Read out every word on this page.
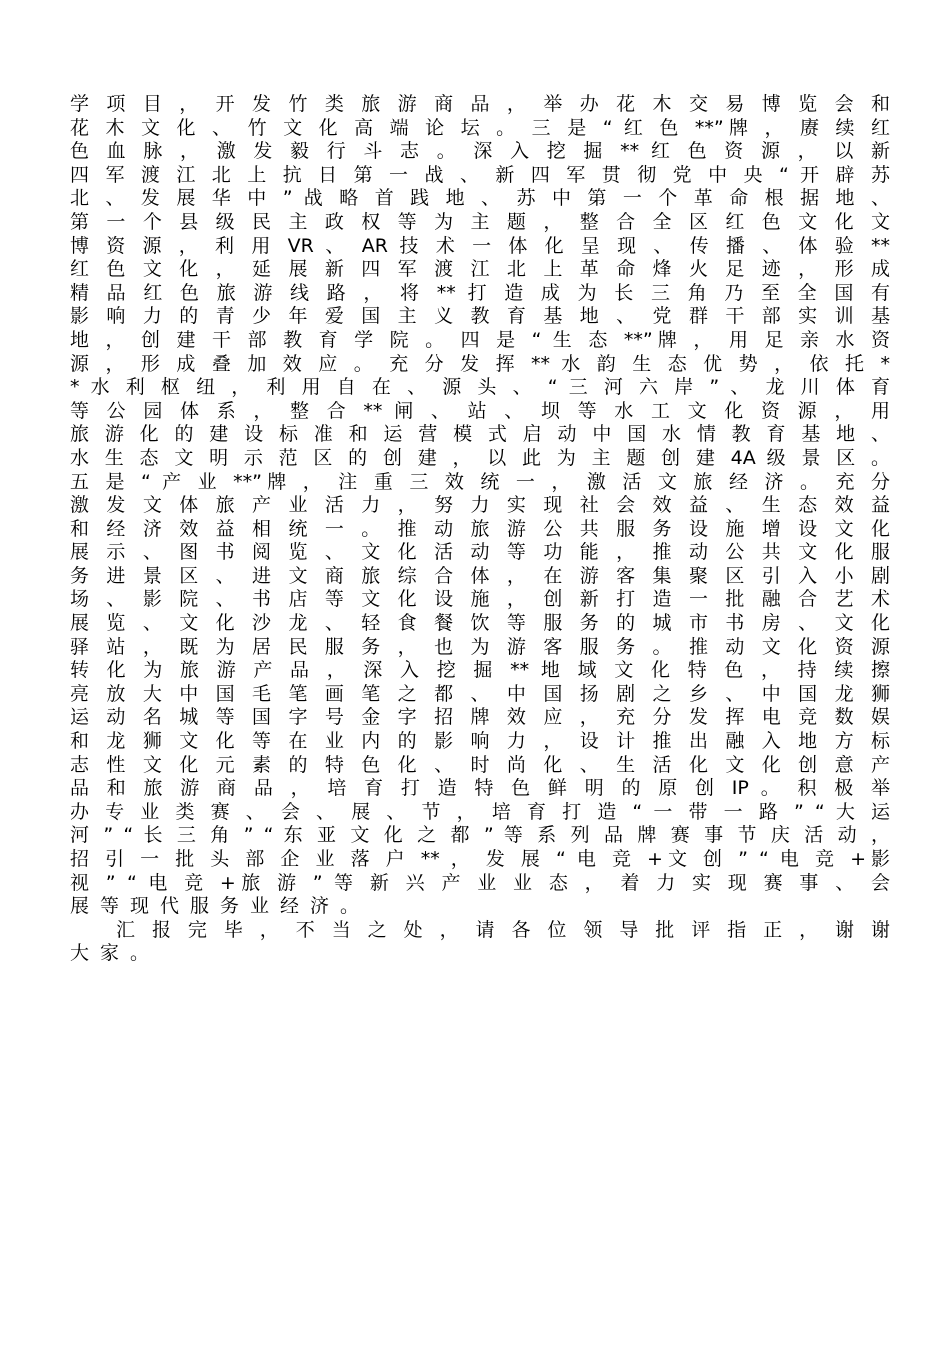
学 项 目 ， 开 发 竹 类 旅 游 商 品 ， 举 办 花 木 交 易 博 览 会 和
花 木 文 化 、 竹 文 化 高 端 论 坛 。 三 是 “ 红 色 **”牌 ， 赓 续 红
色 血 脉 ， 激 发 毅 行 斗 志 。 深 入 挖 掘 ** 红 色 资 源 ， 以 新
四 军 渡 江 北 上 抗 日 第 一 战 、 新 四 军 贯 彻 党 中 央 “ 开 辟 苏
北 、 发 展 华 中 ” 战 略 首 践 地 、 苏 中 第 一 个 革 命 根 据 地 、
第 一 个 县 级 民 主 政 权 等 为 主 题 ， 整 合 全 区 红 色 文 化 文
博 资 源 ， 利 用 VR 、 AR 技 术 一 体 化 呈 现 、 传 播 、 体 验 **
红 色 文 化 ， 延 展 新 四 军 渡 江 北 上 革 命 烽 火 足 迹 ， 形 成
精 品 红 色 旅 游 线 路 ， 将 ** 打 造 成 为 长 三 角 乃 至 全 国 有
影 响 力 的 青 少 年 爱 国 主 义 教 育 基 地 、 党 群 干 部 实 训 基
地 ， 创 建 干 部 教 育 学 院 。 四 是 “ 生 态 **”牌 ， 用 足 亲 水 资
源 ， 形 成 叠 加 效 应 。 充 分 发 挥 ** 水 韵 生 态 优 势 ， 依 托 *
* 水 利 枢 纽 ， 利 用 自 在 、 源 头 、 “ 三 河 六 岸 ” 、 龙 川 体 育
等 公 园 体 系 ， 整 合 ** 闸 、 站 、 坝 等 水 工 文 化 资 源 ， 用
旅 游 化 的 建 设 标 准 和 运 营 模 式 启 动 中 国 水 情 教 育 基 地 、
水 生 态 文 明 示 范 区 的 创 建 ， 以 此 为 主 题 创 建 4A 级 景 区 。
五 是 “ 产 业 **”牌 ， 注 重 三 效 统 一 ， 激 活 文 旅 经 济 。 充 分
激 发 文 体 旅 产 业 活 力 ， 努 力 实 现 社 会 效 益 、 生 态 效 益
和 经 济 效 益 相 统 一 。 推 动 旅 游 公 共 服 务 设 施 增 设 文 化
展 示 、 图 书 阅 览 、 文 化 活 动 等 功 能 ， 推 动 公 共 文 化 服
务 进 景 区 、 进 文 商 旅 综 合 体 ， 在 游 客 集 聚 区 引 入 小 剧
场 、 影 院 、 书 店 等 文 化 设 施 ， 创 新 打 造 一 批 融 合 艺 术
展 览 、 文 化 沙 龙 、 轻 食 餐 饮 等 服 务 的 城 市 书 房 、 文 化
驿 站 ， 既 为 居 民 服 务 ， 也 为 游 客 服 务 。 推 动 文 化 资 源
转 化 为 旅 游 产 品 ， 深 入 挖 掘 ** 地 域 文 化 特 色 ， 持 续 擦
亮 放 大 中 国 毛 笔 画 笔 之 都 、 中 国 扬 剧 之 乡 、 中 国 龙 狮
运 动 名 城 等 国 字 号 金 字 招 牌 效 应 ， 充 分 发 挥 电 竞 数 娱
和 龙 狮 文 化 等 在 业 内 的 影 响 力 ， 设 计 推 出 融 入 地 方 标
志 性 文 化 元 素 的 特 色 化 、 时 尚 化 、 生 活 化 文 化 创 意 产
品 和 旅 游 商 品 ， 培 育 打 造 特 色 鲜 明 的 原 创 IP 。 积 极 举
办 专 业 类 赛 、 会 、 展 、 节 ， 培 育 打 造 “ 一 带 一 路 ” “ 大 运
河 ” “ 长 三 角 ” “ 东 亚 文 化 之 都 ” 等 系 列 品 牌 赛 事 节 庆 活 动 ，
招 引 一 批 头 部 企 业 落 户 ** ， 发 展 “ 电 竞 +文 创 ” “ 电 竞 +影
视 ” “ 电 竞 +旅 游 ” 等 新 兴 产 业 业 态 ， 着 力 实 现 赛 事 、 会
展等现代服务业经济。
汇 报 完 毕 ， 不 当 之 处 ， 请 各 位 领 导 批 评 指 正 ， 谢 谢
大家。
